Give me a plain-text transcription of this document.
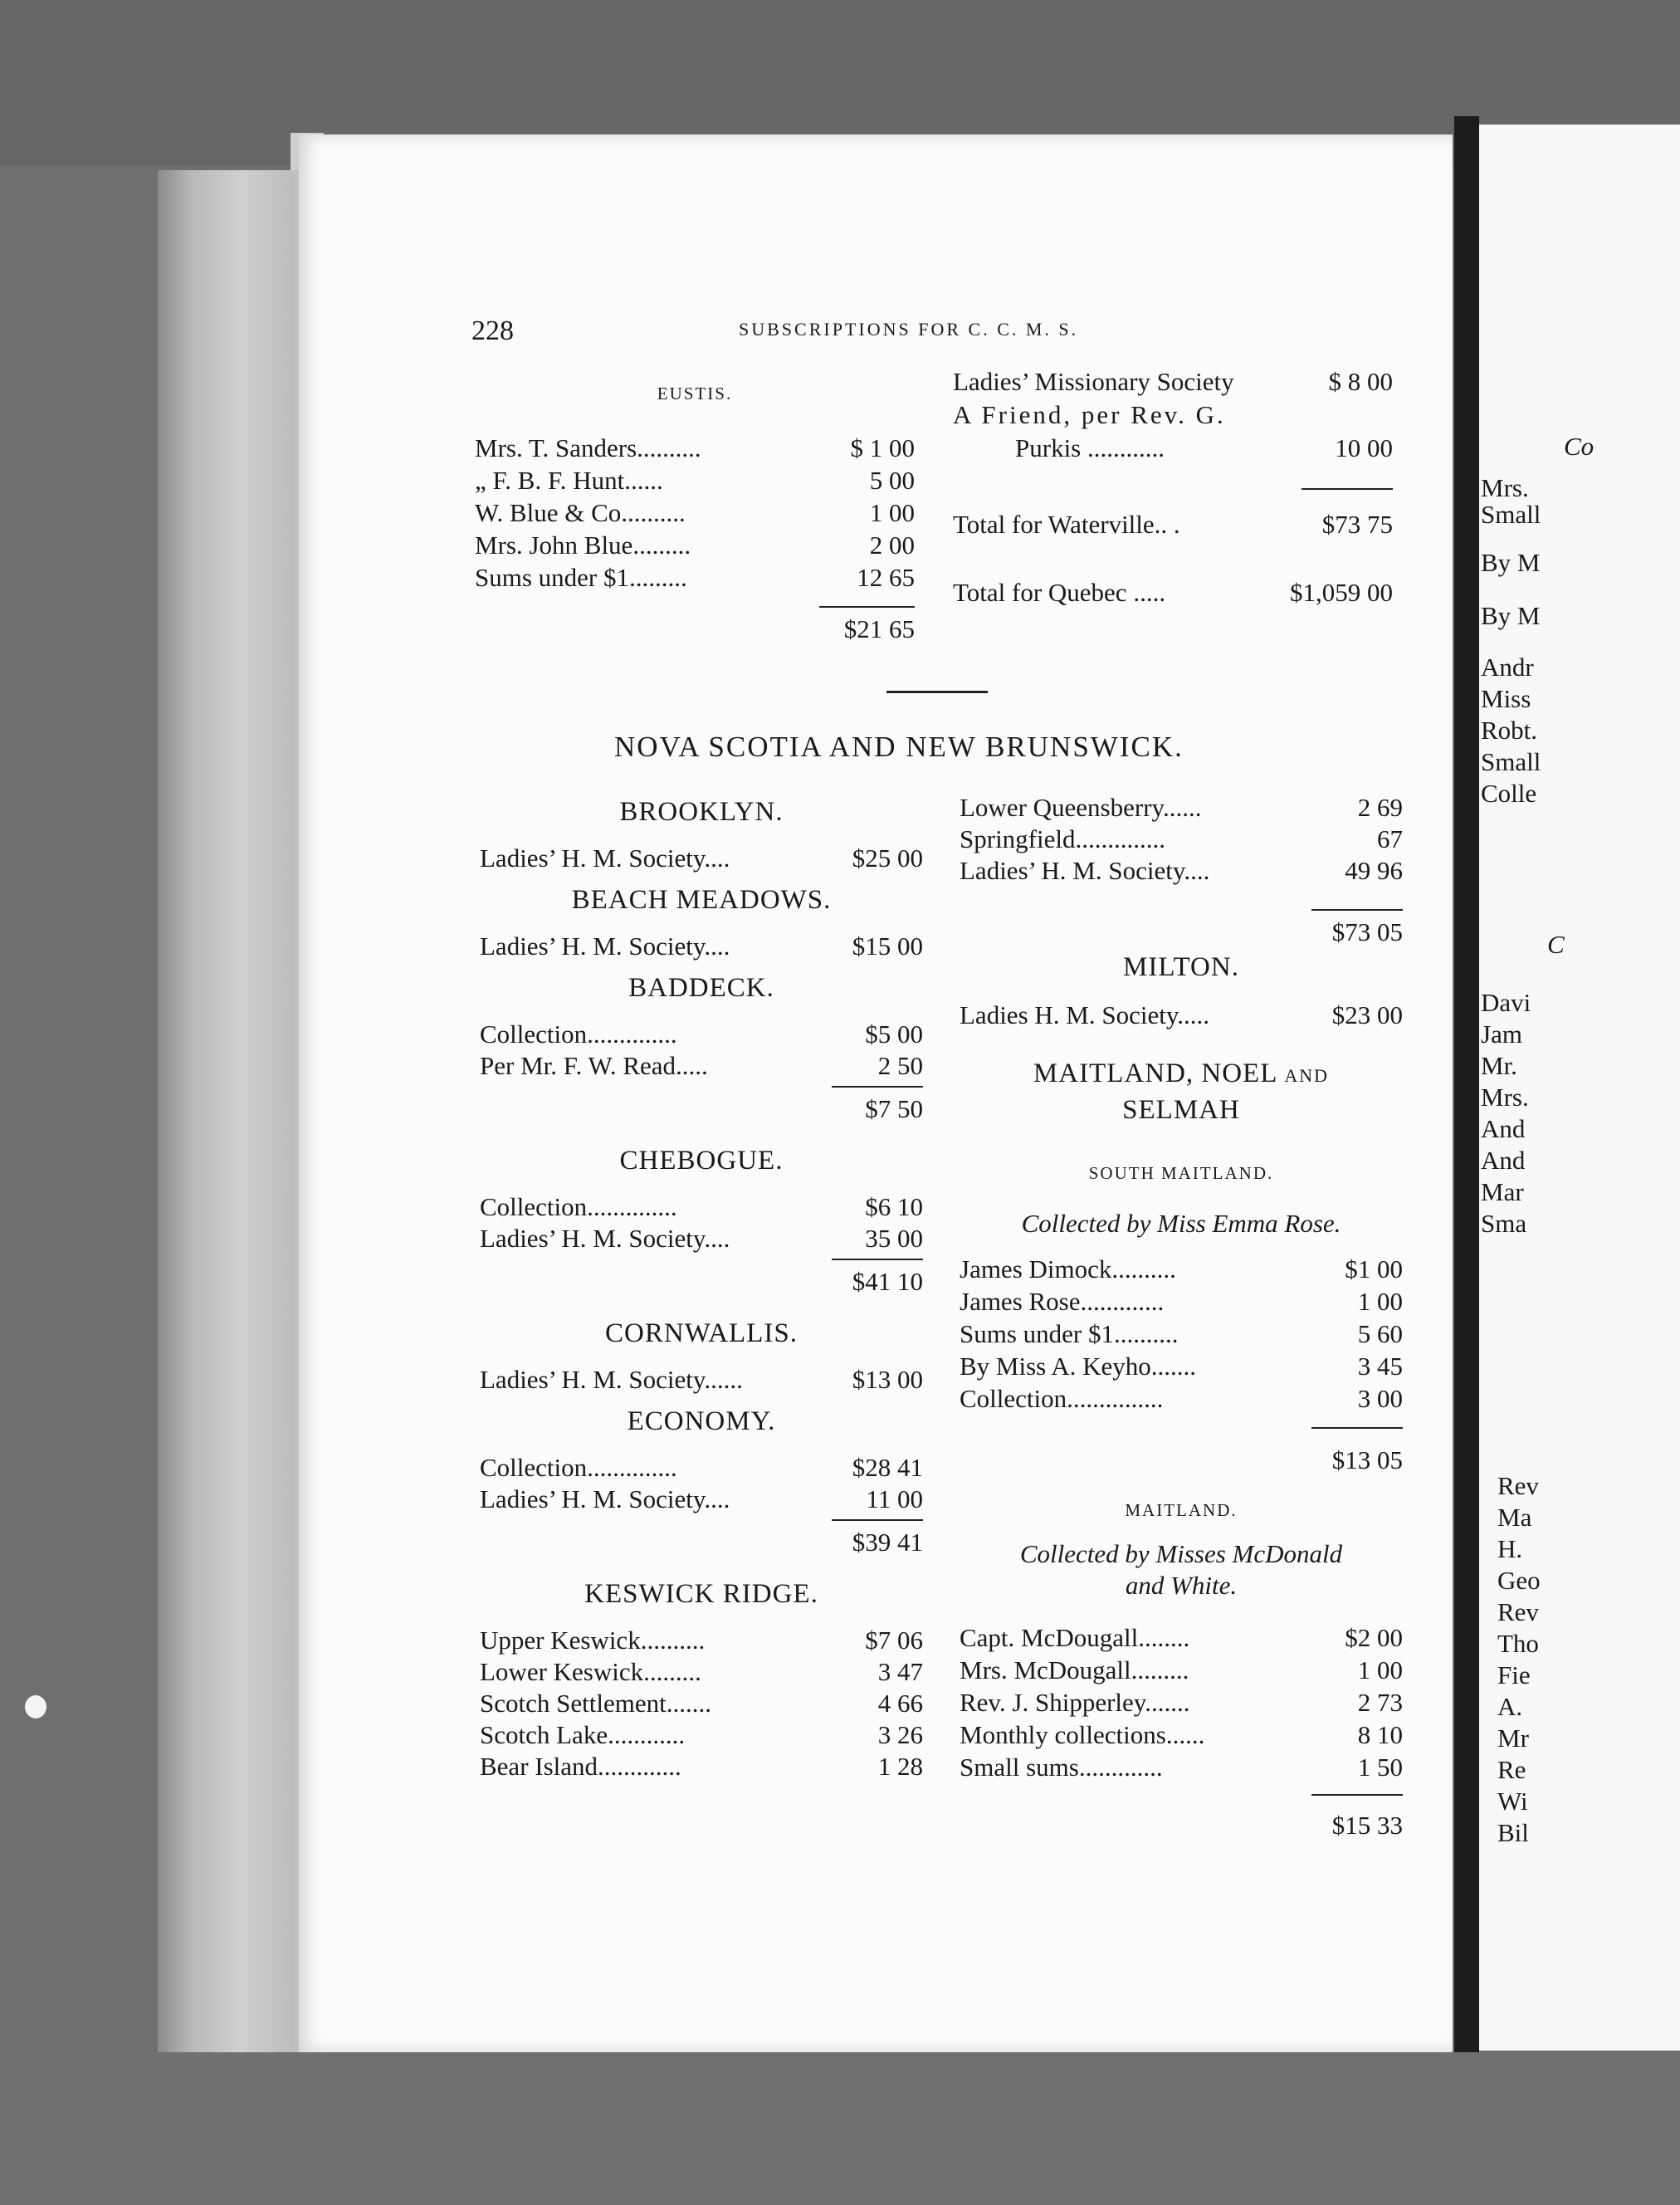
Co
Mrs.
Small
By M
By M
Andr
Miss
Robt.
Small
Colle
C
Davi
Jam
Mr.
Mrs.
And
And
Mar
Sma
Rev
Ma
H.
Geo
Rev
Tho
Fie
A.
Mr
Re
Wi
Bil
228	SUBSCRIPTIONS FOR C. C. M. S.
EUSTIS.
Mrs. T. Sanders..........	$ 1 00
„ F. B. F. Hunt......	5 00
W. Blue & Co..........	1 00
Mrs. John Blue.........	2 00
Sums under $1.........	12 65
$21 65
Ladies’ Missionary Society	$ 8 00
A Friend, per Rev. G.
Purkis ............	10 00
Total for Waterville.. .	$73 75
Total for Quebec .....	$1,059 00
NOVA SCOTIA AND NEW BRUNSWICK.
BROOKLYN.
Ladies’ H. M. Society....	$25 00
BEACH MEADOWS.
Ladies’ H. M. Society....	$15 00
BADDECK.
Collection..............	$5 00
Per Mr. F. W. Read.....	2 50
$7 50
CHEBOGUE.
Collection..............	$6 10
Ladies’ H. M. Society....	35 00
$41 10
CORNWALLIS.
Ladies’ H. M. Society......	$13 00
ECONOMY.
Collection..............	$28 41
Ladies’ H. M. Society....	11 00
$39 41
KESWICK RIDGE.
Upper Keswick..........	$7 06
Lower Keswick.........	3 47
Scotch Settlement.......	4 66
Scotch Lake............	3 26
Bear Island.............	1 28
Lower Queensberry......	2 69
Springfield..............	67
Ladies’ H. M. Society....	49 96
$73 05
MILTON.
Ladies H. M. Society.....	$23 00
MAITLAND, NOEL AND
SELMAH
SOUTH MAITLAND.
Collected by Miss Emma Rose.
James Dimock..........	$1 00
James Rose.............	1 00
Sums under $1..........	5 60
By Miss A. Keyho.......	3 45
Collection...............	3 00
$13 05
MAITLAND.
Collected by Misses McDonald
and White.
Capt. McDougall........	$2 00
Mrs. McDougall.........	1 00
Rev. J. Shipperley.......	2 73
Monthly collections......	8 10
Small sums.............	1 50
$15 33
